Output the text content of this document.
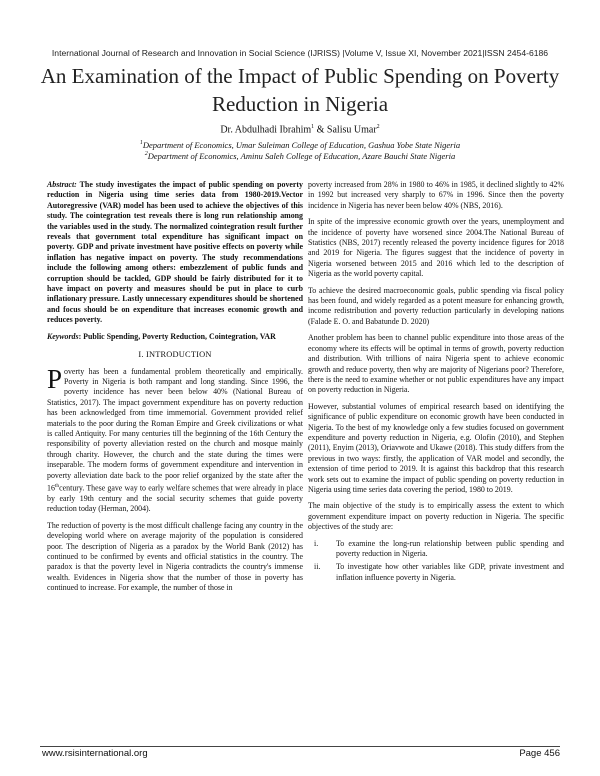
International Journal of Research and Innovation in Social Science (IJRISS) |Volume V, Issue XI, November 2021|ISSN 2454-6186
An Examination of the Impact of Public Spending on Poverty Reduction in Nigeria
Dr. Abdulhadi Ibrahim$^1$ & Salisu Umar$^2$
$^1$Department of Economics, Umar Suleiman College of Education, Gashua Yobe State Nigeria
$^2$Department of Economics, Aminu Saleh College of Education, Azare Bauchi State Nigeria

Abstract: The study investigates the impact of public spending on poverty reduction in Nigeria using time series data from 1980-2019.Vector Autoregressive (VAR) model has been used to achieve the objectives of this study. The cointegration test reveals there is long run relationship among the variables used in the study. The normalized cointegration result further reveals that government total expenditure has significant impact on poverty. GDP and private investment have positive effects on poverty while inflation has negative impact on poverty. The study recommendations include the following among others: embezzlement of public funds and corruption should be tackled, GDP should be fairly distributed for it to have impact on poverty and measures should be put in place to curb inflationary pressure. Lastly unnecessary expenditures should be shortened and focus should be on expenditure that increases economic growth and reduces poverty.

Keywords: Public Spending, Poverty Reduction, Cointegration, VAR

I. INTRODUCTION

Poverty has been a fundamental problem theoretically and empirically. Poverty in Nigeria is both rampant and long standing. Since 1996, the poverty incidence has never been below 40% (National Bureau of Statistics, 2017). The impact government expenditure has on poverty reduction has been acknowledged from time immemorial. Government provided relief materials to the poor during the Roman Empire and Greek civilizations or what is called Antiquity. For many centuries till the beginning of the 16th Century the responsibility of poverty alleviation rested on the church and mosque mainly through charity. However, the church and the state during the times were inseparable. The modern forms of government expenditure and intervention in poverty alleviation date back to the poor relief organized by the state after the 16thcentury. These gave way to early welfare schemes that were already in place by early 19th century and the social security schemes that guide poverty reduction today (Herman, 2004).

The reduction of poverty is the most difficult challenge facing any country in the developing world where on average majority of the population is considered poor. The description of Nigeria as a paradox by the World Bank (2012) has continued to be confirmed by events and official statistics in the country. The paradox is that the poverty level in Nigeria contradicts the country's immense wealth. Evidences in Nigeria show that the number of those in poverty has continued to increase. For example, the number of those in

poverty increased from 28% in 1980 to 46% in 1985, it declined slightly to 42% in 1992 but increased very sharply to 67% in 1996. Since then the poverty incidence in Nigeria has never been below 40% (NBS, 2016).

In spite of the impressive economic growth over the years, unemployment and the incidence of poverty have worsened since 2004.The National Bureau of Statistics (NBS, 2017) recently released the poverty incidence figures for 2018 and 2019 for Nigeria. The figures suggest that the incidence of poverty in Nigeria worsened between 2015 and 2016 which led to the description of Nigeria as the world poverty capital.

To achieve the desired macroeconomic goals, public spending via fiscal policy has been found, and widely regarded as a potent measure for enhancing growth, income redistribution and poverty reduction particularly in developing nations (Falade E. O. and Babatunde D. 2020)

Another problem has been to channel public expenditure into those areas of the economy where its effects will be optimal in terms of growth, poverty reduction and distribution. With trillions of naira Nigeria spent to achieve economic growth and reduce poverty, then why are majority of Nigerians poor? Therefore, there is the need to examine whether or not public expenditures have any impact on poverty reduction in Nigeria.

However, substantial volumes of empirical research based on identifying the significance of public expenditure on economic growth have been conducted in Nigeria. To the best of my knowledge only a few studies focused on government expenditure and poverty reduction in Nigeria, e.g. Olofin (2010), and Stephen (2011), Enyim (2013), Oriavwote and Ukawe (2018). This study differs from the previous in two ways: firstly, the application of VAR model and secondly, the extension of time period to 2019. It is against this backdrop that this research work sets out to examine the impact of public spending on poverty reduction in Nigeria using time series data covering the period, 1980 to 2019.

The main objective of the study is to empirically assess the extent to which government expenditure impact on poverty reduction in Nigeria. The specific objectives of the study are:

i.	To examine the long-run relationship between public spending and poverty reduction in Nigeria.
ii.	To investigate how other variables like GDP, private investment and inflation influence poverty in Nigeria.
www.rsisinternational.org	Page 456
